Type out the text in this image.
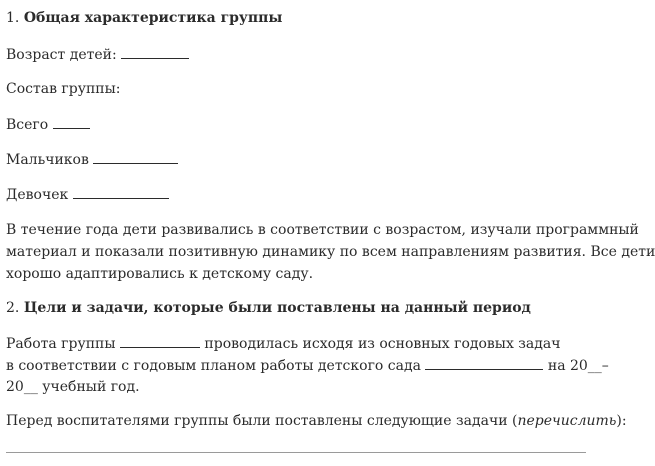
1. Общая характеристика группы
Возраст детей:
Состав группы:
Всего
Мальчиков
Девочек
В течение года дети развивались в соответствии с возрастом, изучали программный
материал и показали позитивную динамику по всем направлениям развития. Все дети
хорошо адаптировались к детскому саду.
2. Цели и задачи, которые были поставлены на данный период
Работа группы	проводилась исходя из основных годовых задач
в соответствии с годовым планом работы детского сада	на 20__–
20__ учебный год.
Перед воспитателями группы были поставлены следующие задачи (перечислить):
